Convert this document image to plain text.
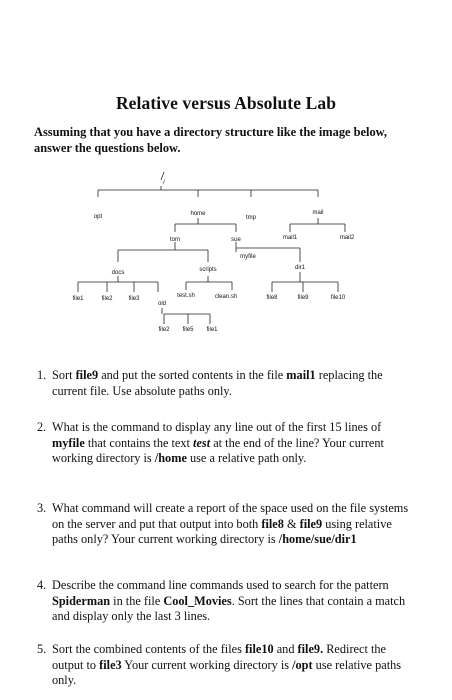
Relative versus Absolute Lab
Assuming that you have a directory structure like the image below, answer the questions below.
/
opt	home
tmp
mail
tom	sue	mail1	mail2
myfile
docs	scripts	dir1
file1	file2	file3
old
test.sh	clean.sh	file8	file9	file10
file2 file5 file1
1. Sort file9 and put the sorted contents in the file mail1 replacing the current file. Use absolute paths only.
2. What is the command to display any line out of the first 15 lines of myfile that contains the text test at the end of the line? Your current working directory is /home use a relative path only.
3. What command will create a report of the space used on the file systems on the server and put that output into both file8 & file9 using relative paths only? Your current working directory is /home/sue/dir1
4. Describe the command line commands used to search for the pattern Spiderman in the file Cool_Movies. Sort the lines that contain a match and display only the last 3 lines.
5. Sort the combined contents of the files file10 and file9. Redirect the output to file3 Your current working directory is /opt use relative paths only.
